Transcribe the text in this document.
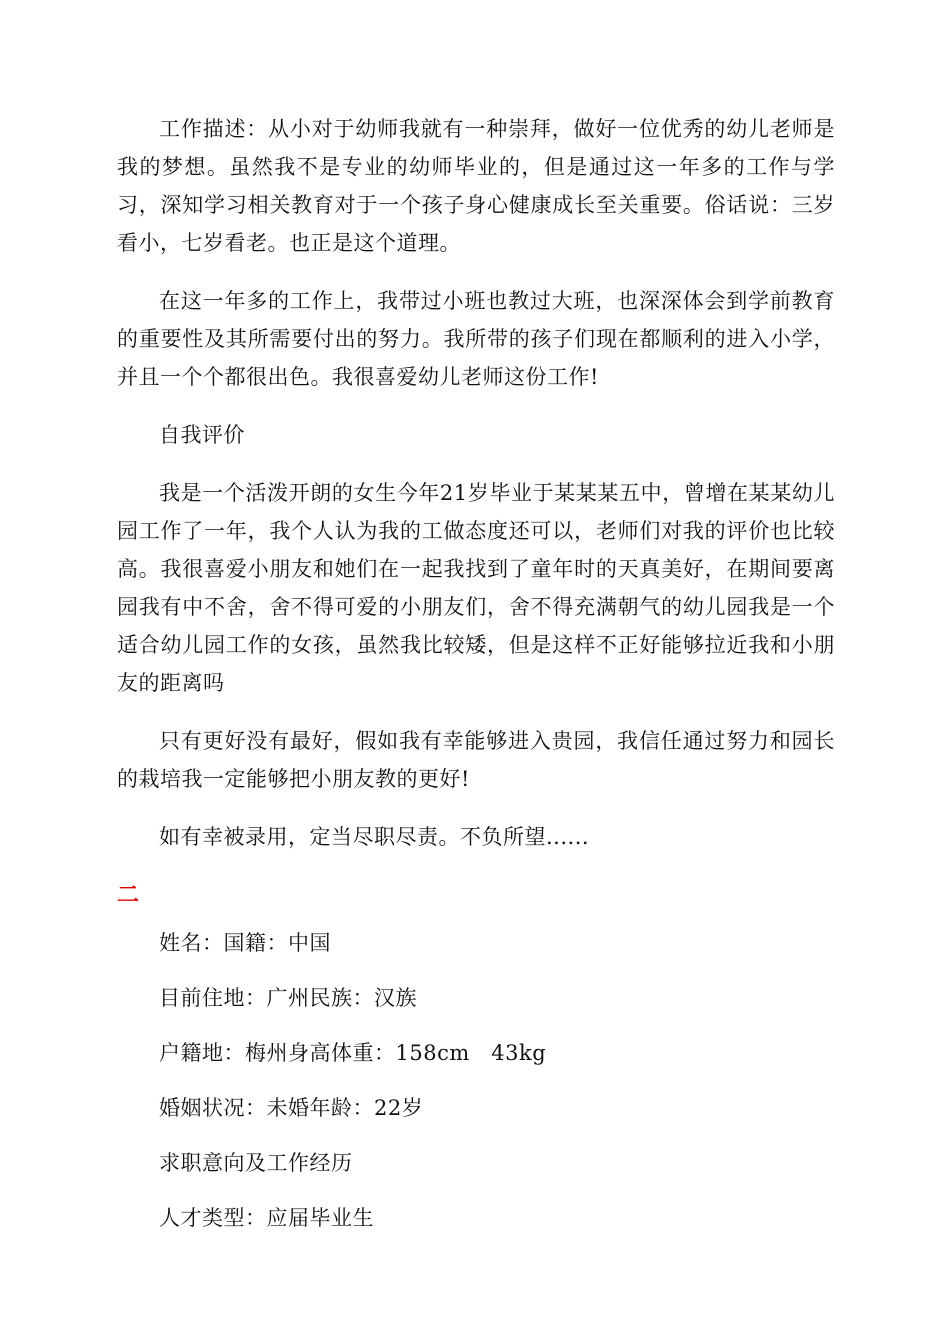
工作描述：从小对于幼师我就有一种崇拜，做好一位优秀的幼儿老师是我的梦想。虽然我不是专业的幼师毕业的，但是通过这一年多的工作与学习，深知学习相关教育对于一个孩子身心健康成长至关重要。俗话说：三岁看小，七岁看老。也正是这个道理。

在这一年多的工作上，我带过小班也教过大班，也深深体会到学前教育的重要性及其所需要付出的努力。我所带的孩子们现在都顺利的进入小学，并且一个个都很出色。我很喜爱幼儿老师这份工作!

自我评价

我是一个活泼开朗的女生今年21岁毕业于某某某五中，曾增在某某幼儿园工作了一年，我个人认为我的工做态度还可以，老师们对我的评价也比较高。我很喜爱小朋友和她们在一起我找到了童年时的天真美好，在期间要离园我有中不舍，舍不得可爱的小朋友们，舍不得充满朝气的幼儿园我是一个适合幼儿园工作的女孩，虽然我比较矮，但是这样不正好能够拉近我和小朋友的距离吗

只有更好没有最好，假如我有幸能够进入贵园，我信任通过努力和园长的栽培我一定能够把小朋友教的更好!

如有幸被录用，定当尽职尽责。不负所望......

二

姓名：国籍：中国

目前住地：广州民族：汉族

户籍地：梅州身高体重：158cm   43kg

婚姻状况：未婚年龄：22岁

求职意向及工作经历

人才类型：应届毕业生
